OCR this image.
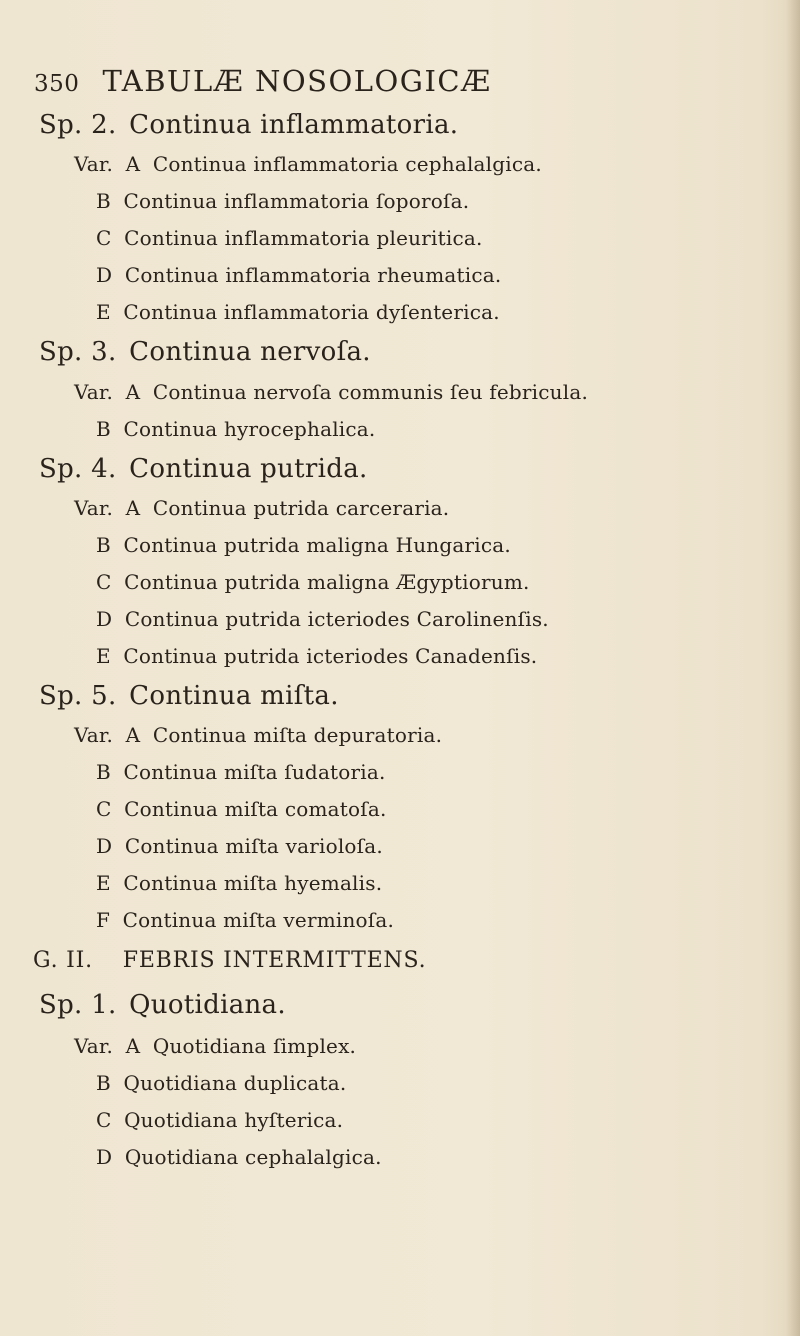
350 TABULÆ NOSOLOGICÆ
Sp. 2. Continua inflammatoria.
Var. A Continua inflammatoria cephalalgica.
B Continua inflammatoria ſoporoſa.
C Continua inflammatoria pleuritica.
D Continua inflammatoria rheumatica.
E Continua inflammatoria dyſenterica.
Sp. 3. Continua nervoſa.
Var. A Continua nervoſa communis ſeu febricula.
B Continua hyrocephalica.
Sp. 4. Continua putrida.
Var. A Continua putrida carceraria.
B Continua putrida maligna Hungarica.
C Continua putrida maligna Ægyptiorum.
D Continua putrida icteriodes Carolinenſis.
E Continua putrida icteriodes Canadenſis.
Sp. 5. Continua miſta.
Var. A Continua miſta depuratoria.
B Continua miſta ſudatoria.
C Continua miſta comatoſa.
D Continua miſta varioloſa.
E Continua miſta hyemalis.
F Continua miſta verminoſa.
G. II. FEBRIS INTERMITTENS.
Sp. 1. Quotidiana.
Var. A Quotidiana ſimplex.
B Quotidiana duplicata.
C Quotidiana hyſterica.
D Quotidiana cephalalgica.
